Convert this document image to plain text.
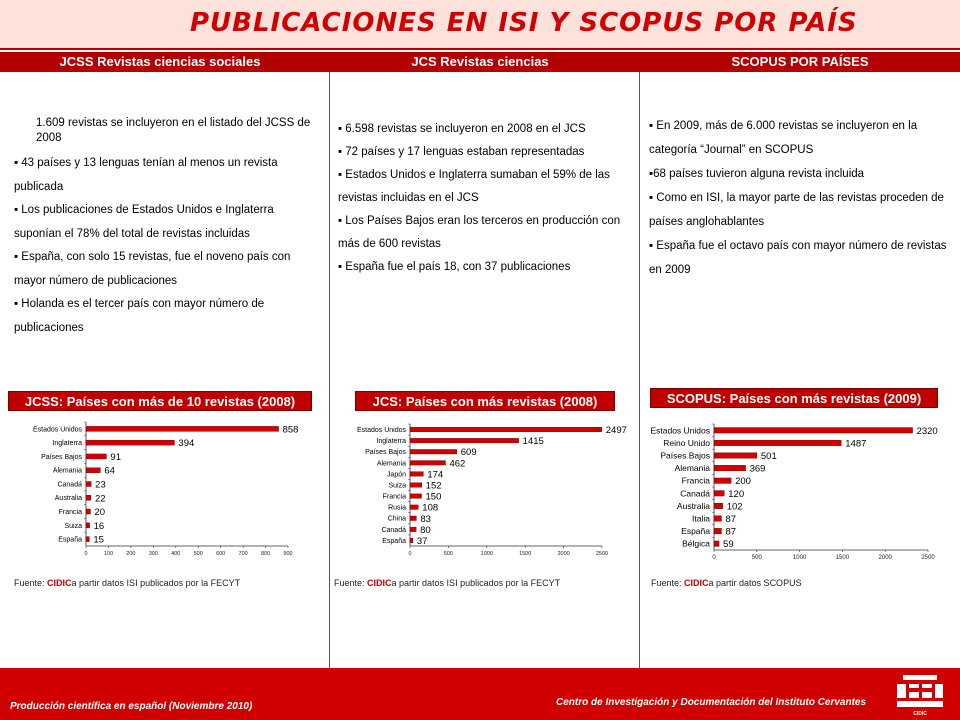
PUBLICACIONES EN ISI Y SCOPUS POR PAÍS
JCSS Revistas ciencias sociales	JCS Revistas ciencias	SCOPUS POR PAÍSES
1.609 revistas se incluyeron en el listado del JCSS de 2008
▪ 43 países y 13 lenguas tenían al menos un revista publicada
▪ Los publicaciones de Estados Unidos e Inglaterra suponían el 78% del total de revistas incluidas
▪ España, con solo 15 revistas, fue el noveno país con mayor número de publicaciones
▪ Holanda es el tercer país con mayor número de publicaciones
▪ 6.598 revistas se incluyeron en 2008 en el JCS
▪ 72 países y 17 lenguas estaban representadas
▪ Estados Unidos e Inglaterra sumaban el 59% de las revistas incluidas en el JCS
▪ Los Países Bajos eran los terceros en producción con más de 600 revistas
▪ España fue el país 18, con 37 publicaciones
▪ En 2009, más de 6.000 revistas se incluyeron en la categoría “Journal” en SCOPUS
▪68 países tuvieron alguna revista incluida
▪ Como en ISI, la mayor parte de las revistas proceden de países anglohablantes
▪ España fue el octavo país con mayor número de revistas en 2009
JCSS: Países con más de 10 revistas (2008)	JCS: Países con más revistas (2008)	SCOPUS: Países con más revistas (2009)
0	100 200 300 400 500 600 700 800 900
Estados Unidos	858
Inglaterra	394
Países Bajos	91
Alemania 64
Canadá 23
Australia 22
Francia 20
Suiza 16
España 15
0	500	1000	1500	2000	2500
Estados Unidos	2497
Inglaterra	1415
Países Bajos	609
Alemania	462
Japón 174
Suiza 152
Francia 150
Rusia 108
China 83
Canadá 80
España 37
0	500	1000	1500	2000	2500
Estados Unidos	2320
Reino Unido	1487
Países Bajos	501
Alemania	369
Francia	200
Canadá 120
Australia 102
Italia 87
España 87
Bélgica 59
Fuente: CIDICa partir datos ISI publicados por la FECYT	Fuente: CIDICa partir datos ISI publicados por la FECYT	Fuente: CIDICa partir datos SCOPUS
Producción científica en español (Noviembre 2010)	Centro de Investigación y Documentación del Instituto Cervantes
CIDIC
